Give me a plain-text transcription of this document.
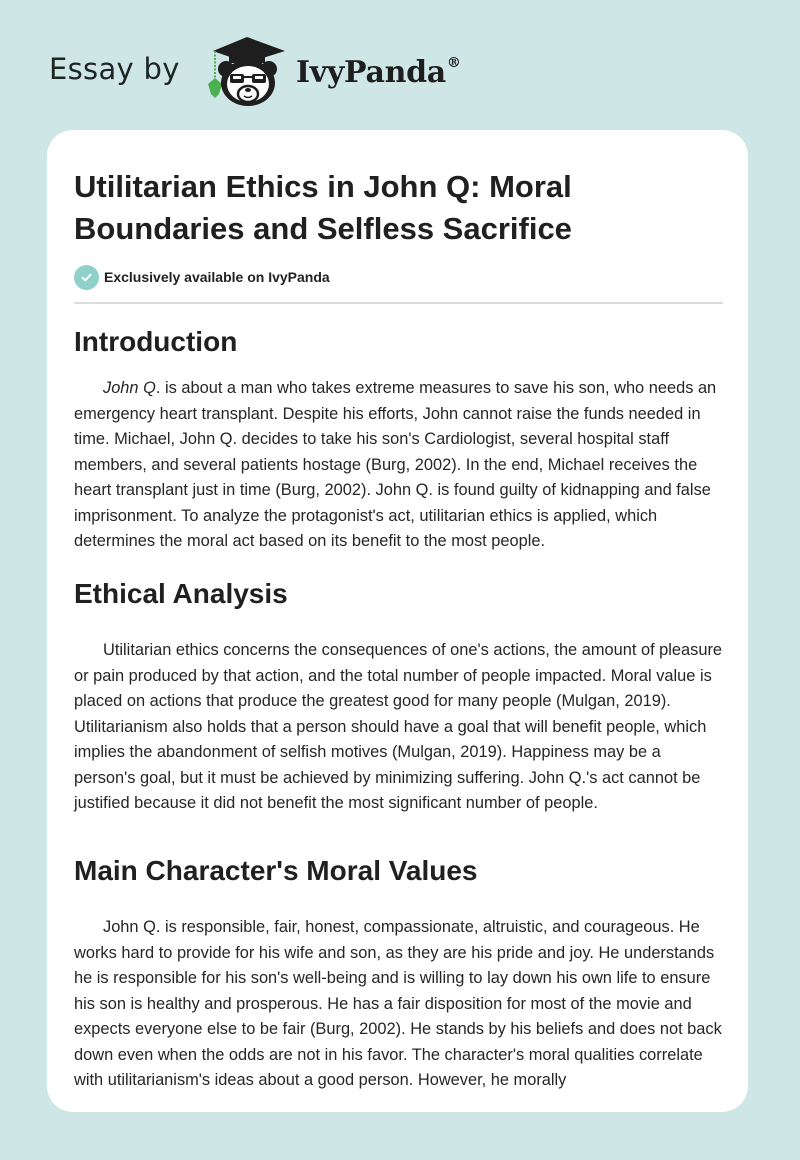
Essay by	IvyPanda®
Utilitarian Ethics in John Q: Moral Boundaries and Selfless Sacrifice
Exclusively available on IvyPanda
Introduction

John Q. is about a man who takes extreme measures to save his son, who needs an emergency heart transplant. Despite his efforts, John cannot raise the funds needed in time. Michael, John Q. decides to take his son's Cardiologist, several hospital staff members, and several patients hostage (Burg, 2002). In the end, Michael receives the heart transplant just in time (Burg, 2002). John Q. is found guilty of kidnapping and false imprisonment. To analyze the protagonist's act, utilitarian ethics is applied, which determines the moral act based on its benefit to the most people.

Ethical Analysis

Utilitarian ethics concerns the consequences of one's actions, the amount of pleasure or pain produced by that action, and the total number of people impacted. Moral value is placed on actions that produce the greatest good for many people (Mulgan, 2019). Utilitarianism also holds that a person should have a goal that will benefit people, which implies the abandonment of selfish motives (Mulgan, 2019). Happiness may be a person's goal, but it must be achieved by minimizing suffering. John Q.'s act cannot be justified because it did not benefit the most significant number of people.

Main Character's Moral Values

John Q. is responsible, fair, honest, compassionate, altruistic, and courageous. He works hard to provide for his wife and son, as they are his pride and joy. He understands he is responsible for his son's well-being and is willing to lay down his own life to ensure his son is healthy and prosperous. He has a fair disposition for most of the movie and expects everyone else to be fair (Burg, 2002). He stands by his beliefs and does not back down even when the odds are not in his favor. The character's moral qualities correlate with utilitarianism's ideas about a good person. However, he morally
